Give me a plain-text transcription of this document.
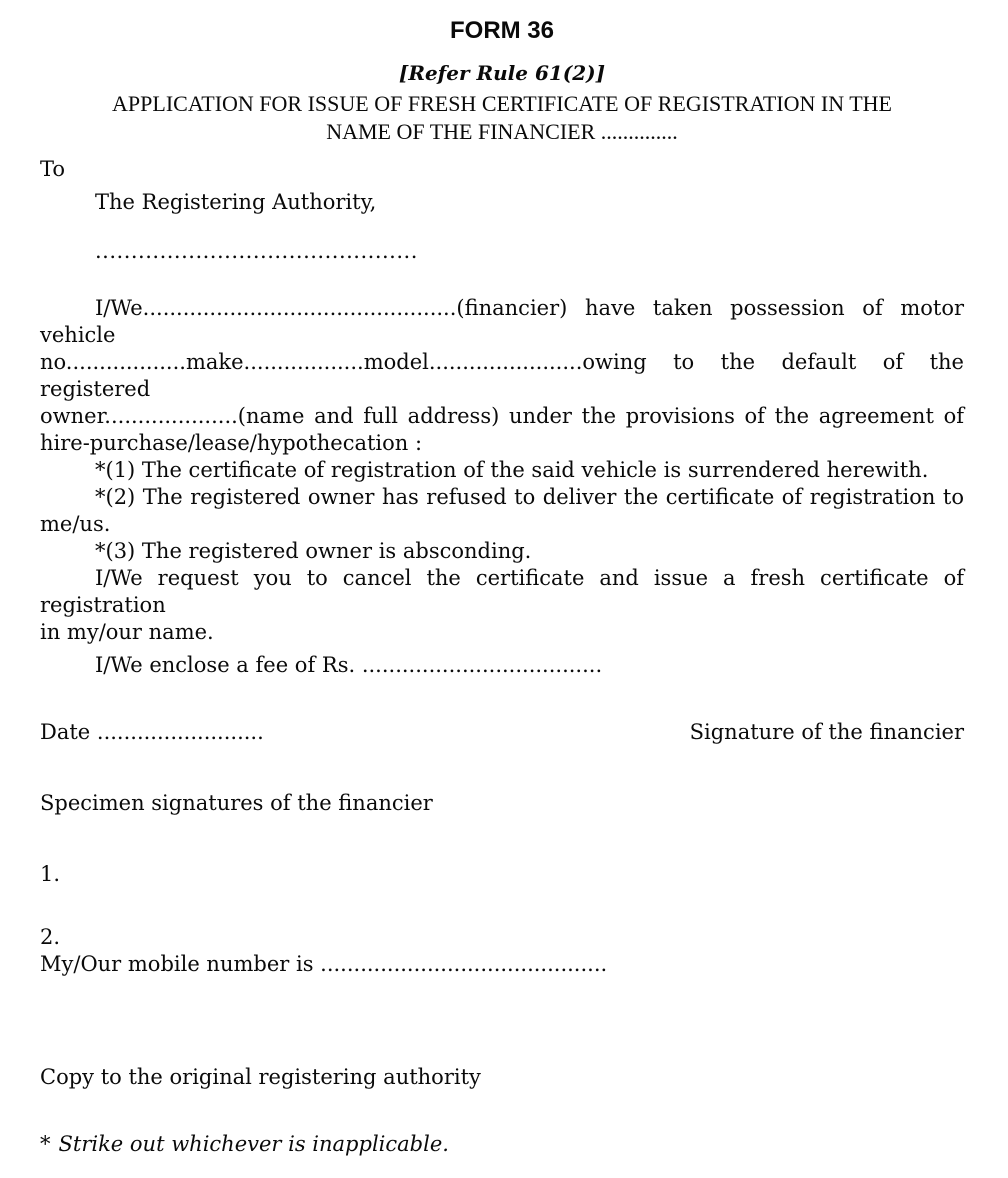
FORM 36
[Refer Rule 61(2)]
APPLICATION FOR ISSUE OF FRESH CERTIFICATE OF REGISTRATION IN THE
NAME OF THE FINANCIER ..............
To
The Registering Authority,
.............................................
I/We...............................................(financier) have taken possession of motor vehicle
no..................make..................model.......................owing to the default of the registered
owner....................(name and full address) under the provisions of the agreement of
hire-purchase/lease/hypothecation :
*(1) The certificate of registration of the said vehicle is surrendered herewith.
*(2) The registered owner has refused to deliver the certificate of registration to
me/us.
*(3) The registered owner is absconding.
I/We request you to cancel the certificate and issue a fresh certificate of registration
in my/our name.
I/We enclose a fee of Rs. ....................................
Date .........................	Signature of the financier
Specimen signatures of the financier
1.
2.
My/Our mobile number is ...........................................
Copy to the original registering authority
* Strike out whichever is inapplicable.
